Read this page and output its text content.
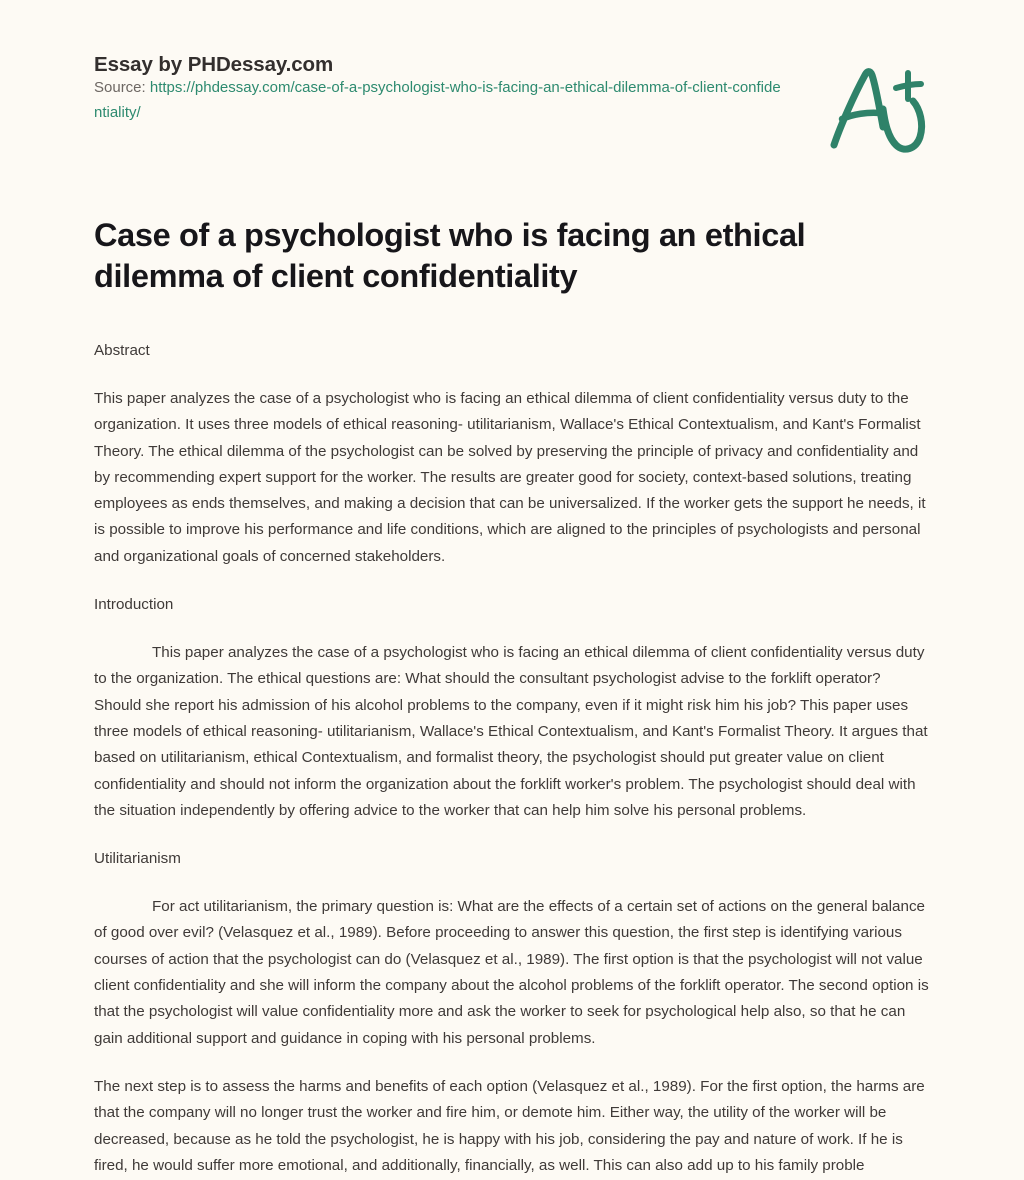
Essay by PHDessay.com
Source: https://phdessay.com/case-of-a-psychologist-who-is-facing-an-ethical-dilemma-of-client-confidentiality/
Case of a psychologist who is facing an ethical dilemma of client confidentiality
Abstract

This paper analyzes the case of a psychologist who is facing an ethical dilemma of client confidentiality versus duty to the organization. It uses three models of ethical reasoning- utilitarianism, Wallace's Ethical Contextualism, and Kant's Formalist Theory. The ethical dilemma of the psychologist can be solved by preserving the principle of privacy and confidentiality and by recommending expert support for the worker. The results are greater good for society, context-based solutions, treating employees as ends themselves, and making a decision that can be universalized. If the worker gets the support he needs, it is possible to improve his performance and life conditions, which are aligned to the principles of psychologists and personal and organizational goals of concerned stakeholders.

Introduction

This paper analyzes the case of a psychologist who is facing an ethical dilemma of client confidentiality versus duty to the organization. The ethical questions are: What should the consultant psychologist advise to the forklift operator? Should she report his admission of his alcohol problems to the company, even if it might risk him his job? This paper uses three models of ethical reasoning- utilitarianism, Wallace's Ethical Contextualism, and Kant's Formalist Theory. It argues that based on utilitarianism, ethical Contextualism, and formalist theory, the psychologist should put greater value on client confidentiality and should not inform the organization about the forklift worker's problem. The psychologist should deal with the situation independently by offering advice to the worker that can help him solve his personal problems.

Utilitarianism

For act utilitarianism, the primary question is: What are the effects of a certain set of actions on the general balance of good over evil? (Velasquez et al., 1989). Before proceeding to answer this question, the first step is identifying various courses of action that the psychologist can do (Velasquez et al., 1989). The first option is that the psychologist will not value client confidentiality and she will inform the company about the alcohol problems of the forklift operator. The second option is that the psychologist will value confidentiality more and ask the worker to seek for psychological help also, so that he can gain additional support and guidance in coping with his personal problems.

The next step is to assess the harms and benefits of each option (Velasquez et al., 1989). For the first option, the harms are that the company will no longer trust the worker and fire him, or demote him. Either way, the utility of the worker will be decreased, because as he told the psychologist, he is happy with his job, considering the pay and nature of work. If he is fired, he would suffer more emotional, and additionally, financially, as well. This can also add up to his family proble
